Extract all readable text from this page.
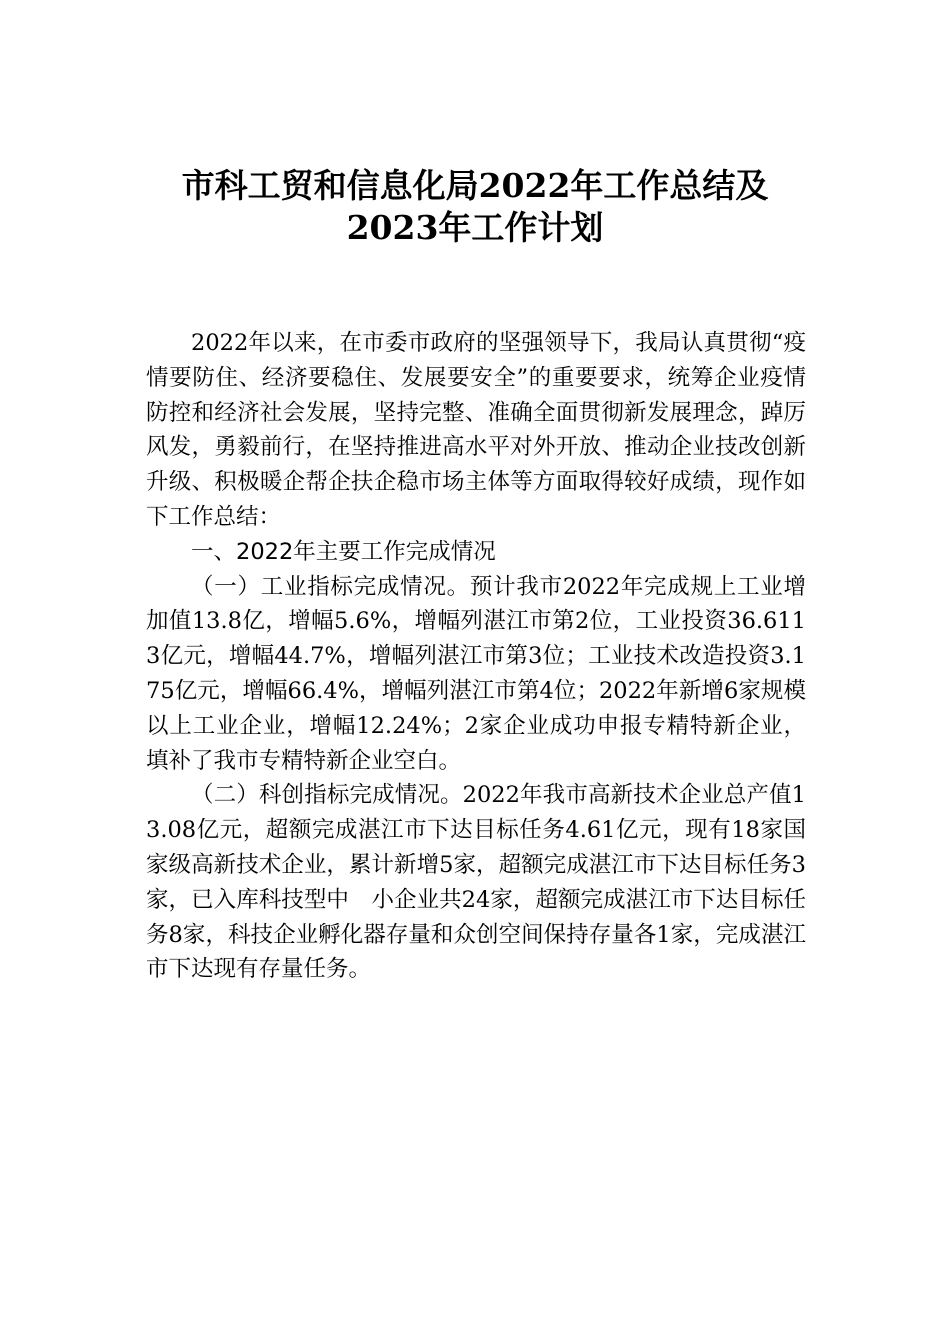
市科工贸和信息化局2022年工作总结及
2023年工作计划

2022年以来，在市委市政府的坚强领导下，我局认真贯彻“疫情要防住、经济要稳住、发展要安全”的重要要求，统筹企业疫情防控和经济社会发展，坚持完整、准确全面贯彻新发展理念，踔厉风发，勇毅前行，在坚持推进高水平对外开放、推动企业技改创新升级、积极暖企帮企扶企稳市场主体等方面取得较好成绩，现作如下工作总结：

一、2022年主要工作完成情况

（一）工业指标完成情况。预计我市2022年完成规上工业增加值13.8亿，增幅5.6%，增幅列湛江市第2位，工业投资36.6113亿元，增幅44.7%，增幅列湛江市第3位；工业技术改造投资3.175亿元，增幅66.4%，增幅列湛江市第4位；2022年新增6家规模以上工业企业，增幅12.24%；2家企业成功申报专精特新企业，填补了我市专精特新企业空白。

（二）科创指标完成情况。2022年我市高新技术企业总产值13.08亿元，超额完成湛江市下达目标任务4.61亿元，现有18家国家级高新技术企业，累计新增5家，超额完成湛江市下达目标任务3家，已入库科技型中　小企业共24家，超额完成湛江市下达目标任务8家，科技企业孵化器存量和众创空间保持存量各1家，完成湛江市下达现有存量任务。
